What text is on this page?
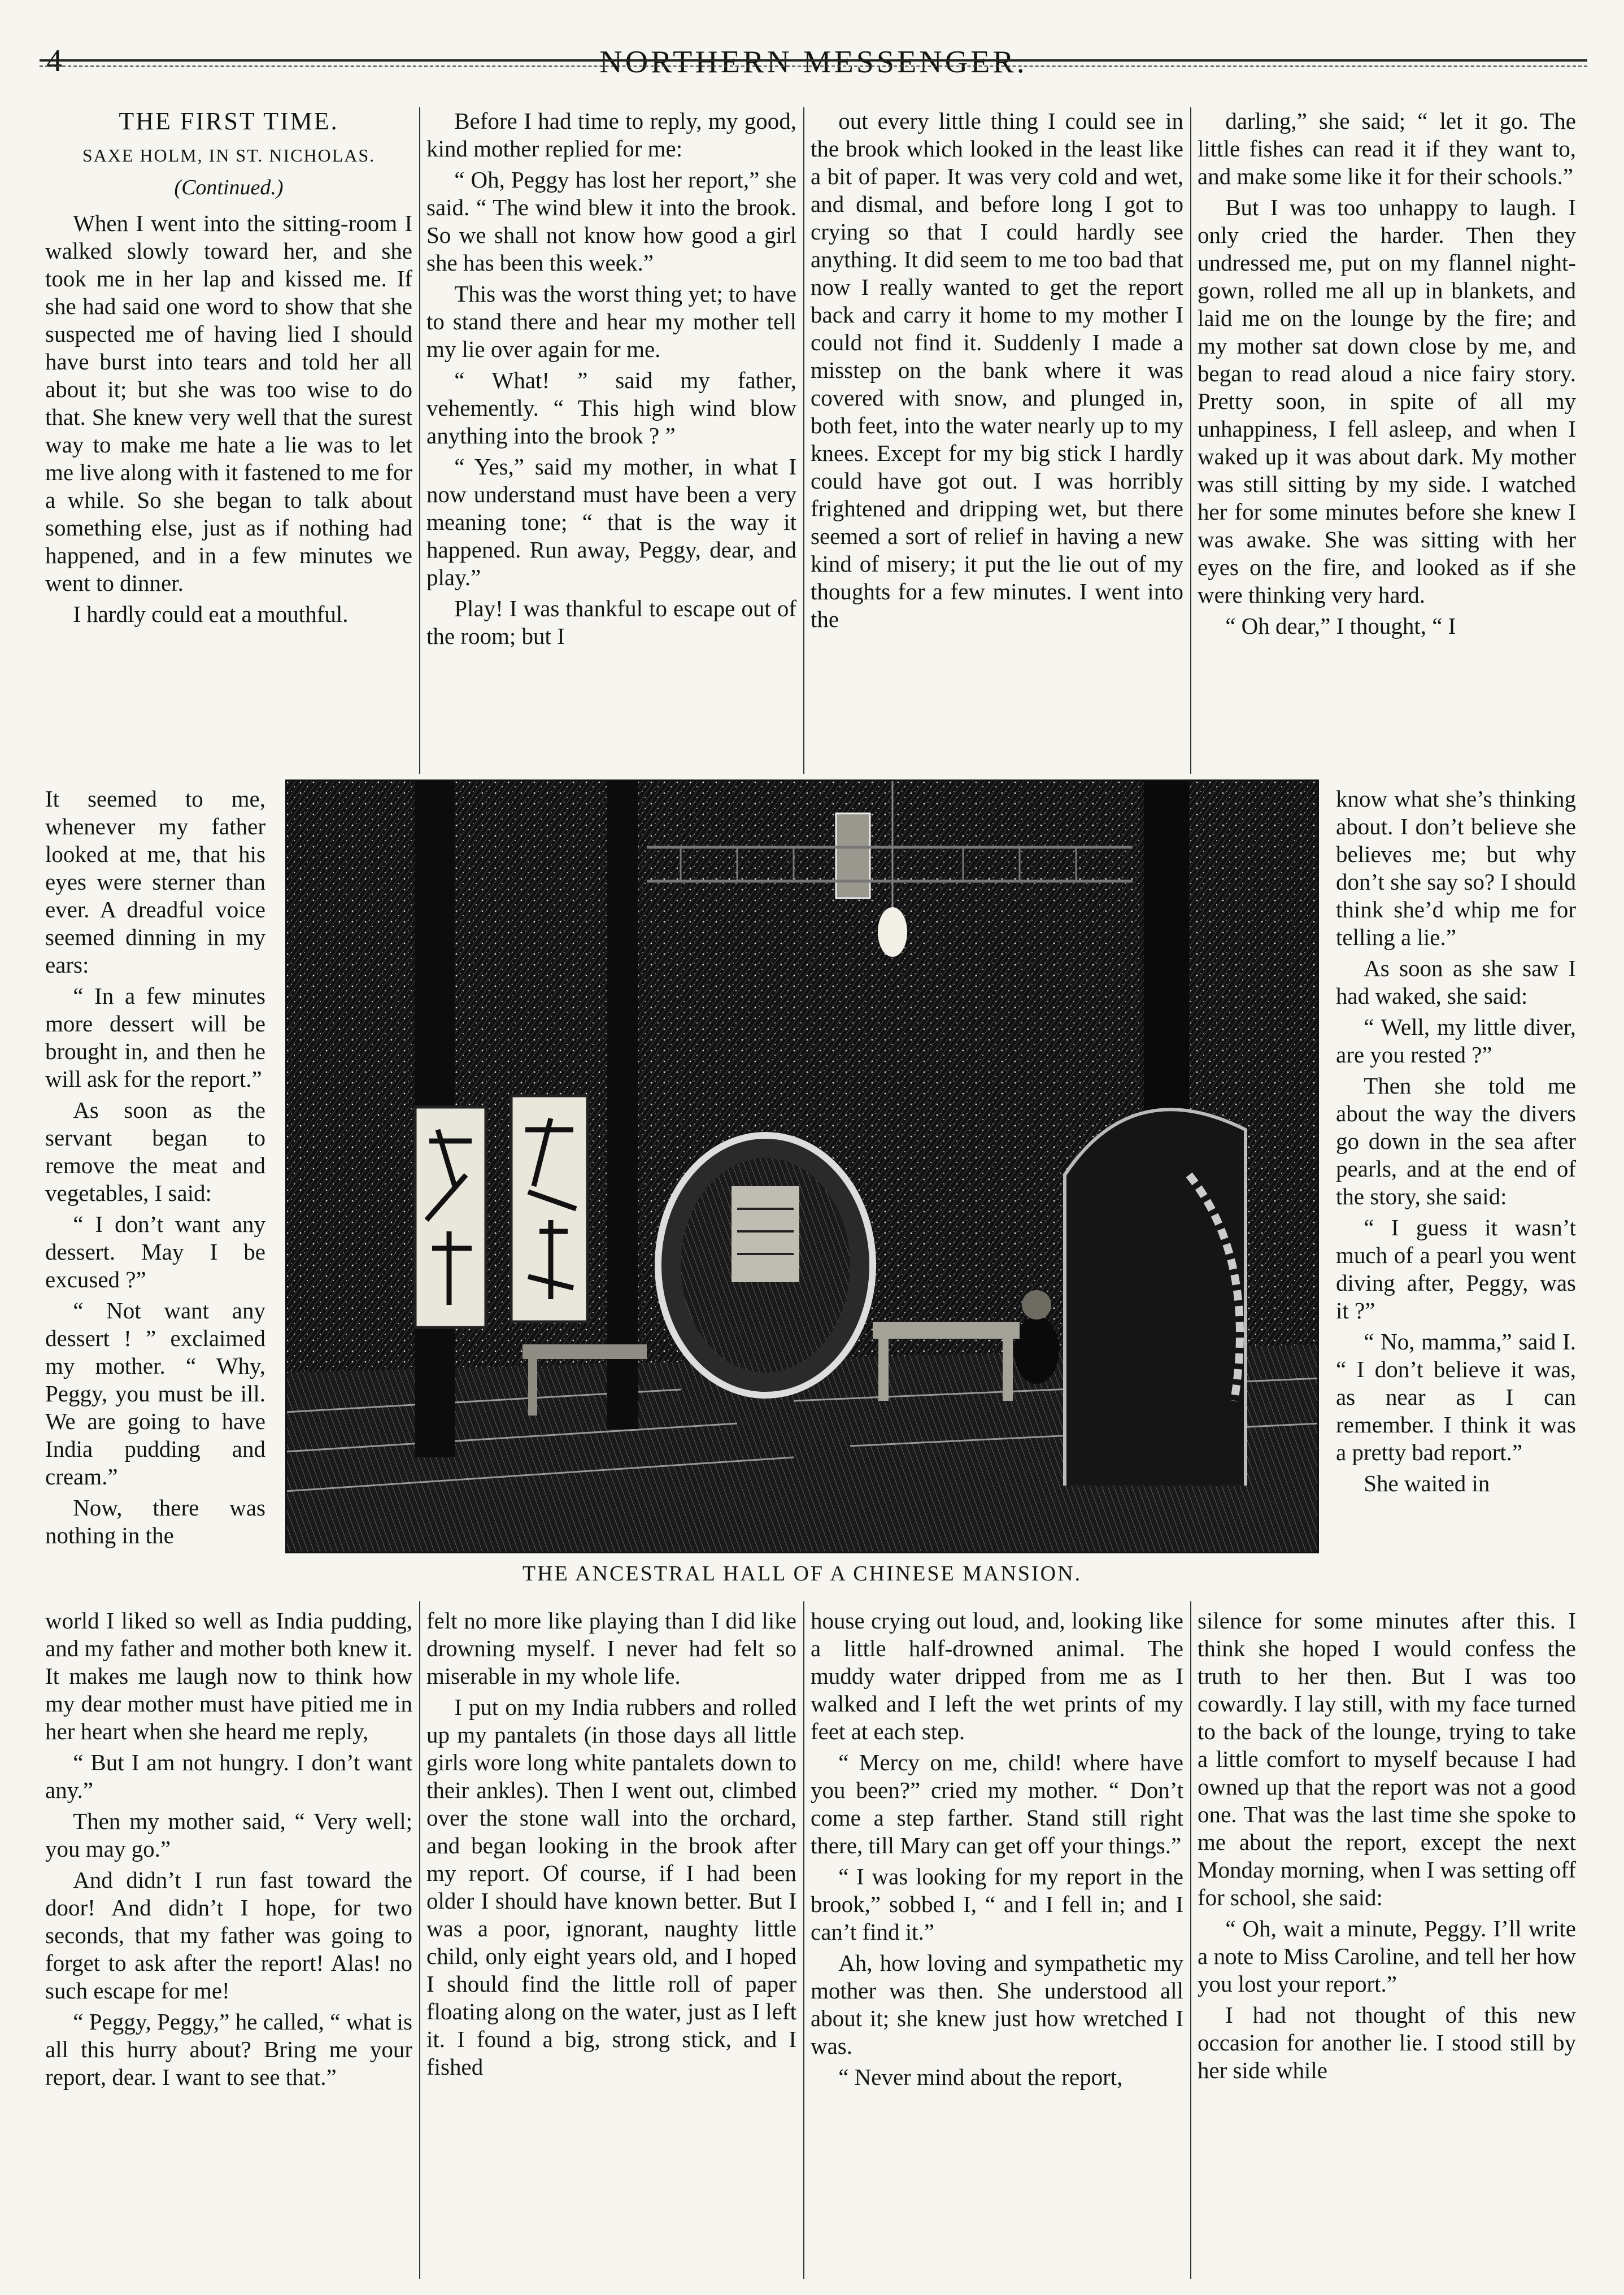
4	NORTHERN MESSENGER.
THE FIRST TIME.
SAXE HOLM, IN ST. NICHOLAS.
(Continued.)

When I went into the sitting-room I walked slowly toward her, and she took me in her lap and kissed me. If she had said one word to show that she suspected me of having lied I should have burst into tears and told her all about it; but she was too wise to do that. She knew very well that the surest way to make me hate a lie was to let me live along with it fastened to me for a while. So she began to talk about something else, just as if nothing had happened, and in a few minutes we went to dinner.

I hardly could eat a mouthful.

It seemed to me, whenever my father looked at me, that his eyes were sterner than ever. A dreadful voice seemed dinning in my ears:

“ In a few minutes more dessert will be brought in, and then he will ask for the report.”

As soon as the servant began to remove the meat and vegetables, I said:

“ I don’t want any dessert. May I be excused ?”

“ Not want any dessert ! ” exclaimed my mother. “ Why, Peggy, you must be ill. We are going to have India pudding and cream.”

Now, there was nothing in the

world I liked so well as India pudding, and my father and mother both knew it. It makes me laugh now to think how my dear mother must have pitied me in her heart when she heard me reply,

“ But I am not hungry. I don’t want any.”

Then my mother said, “ Very well; you may go.”

And didn’t I run fast toward the door! And didn’t I hope, for two seconds, that my father was going to forget to ask after the report! Alas! no such escape for me!

“ Peggy, Peggy,” he called, “ what is all this hurry about? Bring me your report, dear. I want to see that.”

Before I had time to reply, my good, kind mother replied for me:

“ Oh, Peggy has lost her report,” she said. “ The wind blew it into the brook. So we shall not know how good a girl she has been this week.”

This was the worst thing yet; to have to stand there and hear my mother tell my lie over again for me.

“ What! ” said my father, vehemently. “ This high wind blow anything into the brook ? ”

“ Yes,” said my mother, in what I now understand must have been a very meaning tone; “ that is the way it happened. Run away, Peggy, dear, and play.”

Play! I was thankful to escape out of the room; but I

felt no more like playing than I did like drowning myself. I never had felt so miserable in my whole life.

I put on my India rubbers and rolled up my pantalets (in those days all little girls wore long white pantalets down to their ankles). Then I went out, climbed over the stone wall into the orchard, and began looking in the brook after my report. Of course, if I had been older I should have known better. But I was a poor, ignorant, naughty little child, only eight years old, and I hoped I should find the little roll of paper floating along on the water, just as I left it. I found a big, strong stick, and I fished

out every little thing I could see in the brook which looked in the least like a bit of paper. It was very cold and wet, and dismal, and before long I got to crying so that I could hardly see anything. It did seem to me too bad that now I really wanted to get the report back and carry it home to my mother I could not find it. Suddenly I made a misstep on the bank where it was covered with snow, and plunged in, both feet, into the water nearly up to my knees. Except for my big stick I hardly could have got out. I was horribly frightened and dripping wet, but there seemed a sort of relief in having a new kind of misery; it put the lie out of my thoughts for a few minutes. I went into the

house crying out loud, and, looking like a little half-drowned animal. The muddy water dripped from me as I walked and I left the wet prints of my feet at each step.

“ Mercy on me, child! where have you been?” cried my mother. “ Don’t come a step farther. Stand still right there, till Mary can get off your things.”

“ I was looking for my report in the brook,” sobbed I, “ and I fell in; and I can’t find it.”

Ah, how loving and sympathetic my mother was then. She understood all about it; she knew just how wretched I was.

“ Never mind about the report,

darling,” she said; “ let it go. The little fishes can read it if they want to, and make some like it for their schools.”

But I was too unhappy to laugh. I only cried the harder. Then they undressed me, put on my flannel night-gown, rolled me all up in blankets, and laid me on the lounge by the fire; and my mother sat down close by me, and began to read aloud a nice fairy story. Pretty soon, in spite of all my unhappiness, I fell asleep, and when I waked up it was about dark. My mother was still sitting by my side. I watched her for some minutes before she knew I was awake. She was sitting with her eyes on the fire, and looked as if she were thinking very hard.

“ Oh dear,” I thought, “ I

know what she’s thinking about. I don’t believe she believes me; but why don’t she say so? I should think she’d whip me for telling a lie.”

As soon as she saw I had waked, she said:

“ Well, my little diver, are you rested ?”

Then she told me about the way the divers go down in the sea after pearls, and at the end of the story, she said:

“ I guess it wasn’t much of a pearl you went diving after, Peggy, was it ?”

“ No, mamma,” said I. “ I don’t believe it was, as near as I can remember. I think it was a pretty bad report.”

She waited in

silence for some minutes after this. I think she hoped I would confess the truth to her then. But I was too cowardly. I lay still, with my face turned to the back of the lounge, trying to take a little comfort to myself because I had owned up that the report was not a good one. That was the last time she spoke to me about the report, except the next Monday morning, when I was setting off for school, she said:

“ Oh, wait a minute, Peggy. I’ll write a note to Miss Caroline, and tell her how you lost your report.”

I had not thought of this new occasion for another lie. I stood still by her side while

THE ANCESTRAL HALL OF A CHINESE MANSION.
